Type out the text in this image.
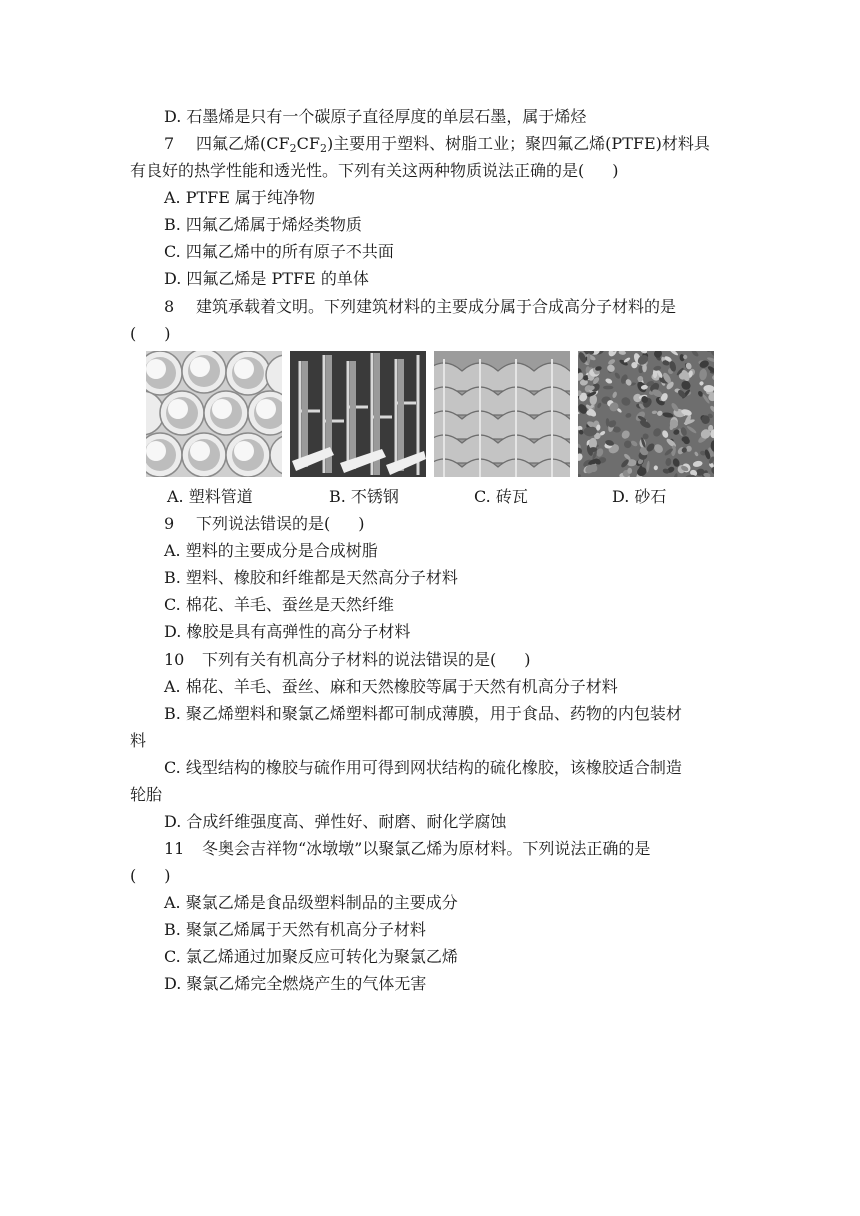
D. 石墨烯是只有一个碳原子直径厚度的单层石墨，属于烯烃
7 四氟乙烯$(CF_2CF_2)$主要用于塑料、树脂工业；聚四氟乙烯(PTFE)材料具
有良好的热学性能和透光性。下列有关这两种物质说法正确的是( )
A. PTFE 属于纯净物
B. 四氟乙烯属于烯烃类物质
C. 四氟乙烯中的所有原子不共面
D. 四氟乙烯是 PTFE 的单体
8 建筑承载着文明。下列建筑材料的主要成分属于合成高分子材料的是
( )
A. 塑料管道	B. 不锈钢	C. 砖瓦	D. 砂石
9 下列说法错误的是( )
A. 塑料的主要成分是合成树脂
B. 塑料、橡胶和纤维都是天然高分子材料
C. 棉花、羊毛、蚕丝是天然纤维
D. 橡胶是具有高弹性的高分子材料
10 下列有关有机高分子材料的说法错误的是( )
A. 棉花、羊毛、蚕丝、麻和天然橡胶等属于天然有机高分子材料
B. 聚乙烯塑料和聚氯乙烯塑料都可制成薄膜，用于食品、药物的内包装材
料
C. 线型结构的橡胶与硫作用可得到网状结构的硫化橡胶，该橡胶适合制造
轮胎
D. 合成纤维强度高、弹性好、耐磨、耐化学腐蚀
11 冬奥会吉祥物“冰墩墩”以聚氯乙烯为原材料。下列说法正确的是
( )
A. 聚氯乙烯是食品级塑料制品的主要成分
B. 聚氯乙烯属于天然有机高分子材料
C. 氯乙烯通过加聚反应可转化为聚氯乙烯
D. 聚氯乙烯完全燃烧产生的气体无害
